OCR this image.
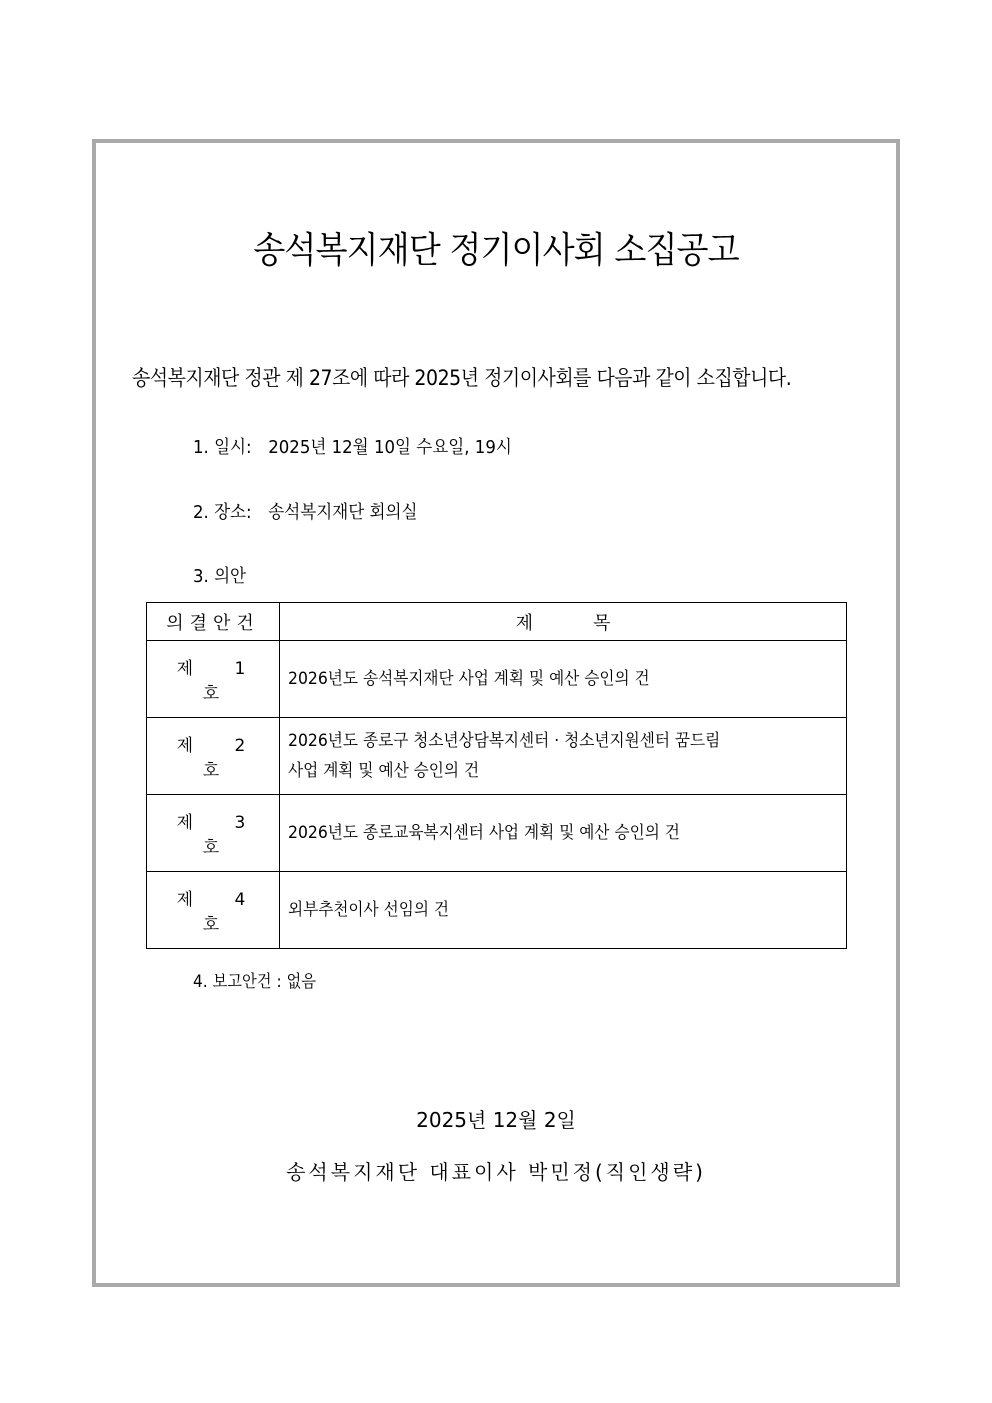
송석복지재단 정기이사회 소집공고
송석복지재단 정관 제 27조에 따라 2025년 정기이사회를 다음과 같이 소집합니다.
1. 일시: 2025년 12월 10일 수요일, 19시
2. 장소: 송석복지재단 회의실
3. 의안
의결안건	제목
제 1 호	2026년도 송석복지재단 사업 계획 및 예산 승인의 건
제 2 호	2026년도 종로구 청소년상담복지센터 · 청소년지원센터 꿈드림
사업 계획 및 예산 승인의 건
제 3 호	2026년도 종로교육복지센터 사업 계획 및 예산 승인의 건
제 4 호	외부추천이사 선임의 건
4. 보고안건 : 없음
2025년 12월 2일
송석복지재단 대표이사 박민정(직인생략)
